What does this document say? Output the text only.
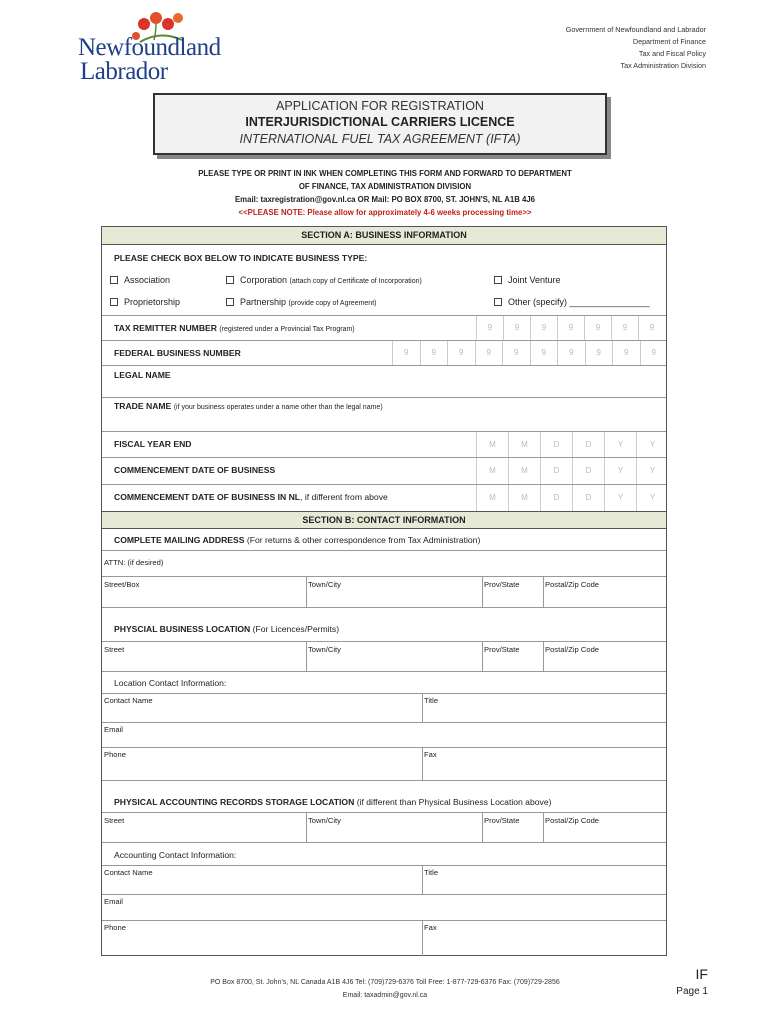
Newfoundland
Labrador
Government of Newfoundland and Labrador
Department of Finance
Tax and Fiscal Policy
Tax Administration Division
APPLICATION FOR REGISTRATION
INTERJURISDICTIONAL CARRIERS LICENCE
INTERNATIONAL FUEL TAX AGREEMENT (IFTA)
PLEASE TYPE OR PRINT IN INK WHEN COMPLETING THIS FORM AND FORWARD TO DEPARTMENT
OF FINANCE, TAX ADMINISTRATION DIVISION
Email: taxregistration@gov.nl.ca OR Mail: PO BOX 8700, ST. JOHN'S, NL A1B 4J6
<<PLEASE NOTE: Please allow for approximately 4-6 weeks processing time>>
SECTION A: BUSINESS INFORMATION
PLEASE CHECK BOX BELOW TO INDICATE BUSINESS TYPE:
Association	Corporation (attach copy of Certificate of Incorporation)	Joint Venture
Proprietorship	Partnership (provide copy of Agreement)	Other (specify) ________________
TAX REMITTER NUMBER (registered under a Provincial Tax Program)	9	9	9	9	9	9	9
FEDERAL BUSINESS NUMBER	9	9	9	9	9	9	9	9	9	9
LEGAL NAME
TRADE NAME (if your business operates under a name other than the legal name)
FISCAL YEAR END	M	M	D	D	Y	Y
COMMENCEMENT DATE OF BUSINESS	M	M	D	D	Y	Y
COMMENCEMENT DATE OF BUSINESS IN NL, if different from above	M	M	D	D	Y	Y
SECTION B: CONTACT INFORMATION
COMPLETE MAILING ADDRESS (For returns & other correspondence from Tax Administration)
ATTN: (if desired)
Street/Box	Town/City	Prov/State	Postal/Zip Code
PHYSCIAL BUSINESS LOCATION (For Licences/Permits)
Street	Town/City	Prov/State	Postal/Zip Code
Location Contact Information:
Contact Name	Title
Email
Phone	Fax
PHYSICAL ACCOUNTING RECORDS STORAGE LOCATION (if different than Physical Business Location above)
Street	Town/City	Prov/State	Postal/Zip Code
Accounting Contact Information:
Contact Name	Title
Email
Phone	Fax
PO Box 8700, St. John's, NL Canada A1B 4J6 Tel: (709)729-6376 Toll Free: 1-877-729-6376 Fax: (709)729-2856
Email: taxadmin@gov.nl.ca
IF
Page 1
